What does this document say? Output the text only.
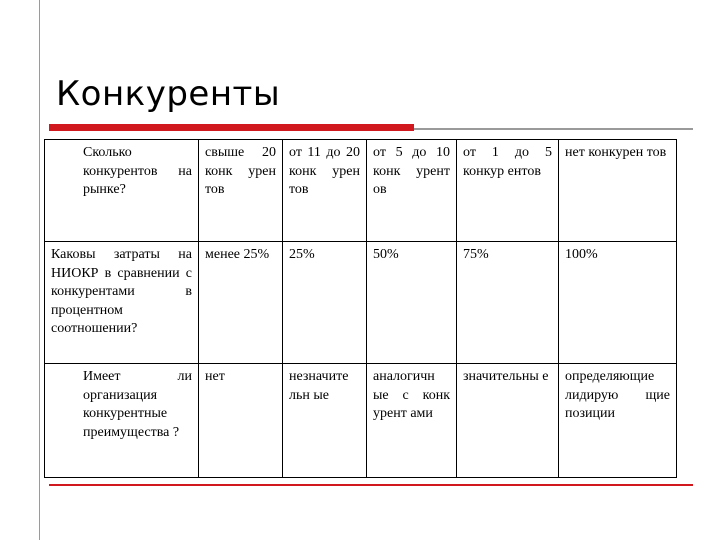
Конкуренты
Сколько конкурентов на рынке?	свыше 20 конк урен тов	от 11 до 20 конк урен тов	от 5 до 10 конк урент ов	от 1 до 5 конкур ентов	нет конкурен тов

Каковы затраты на НИОКР в сравнении с конкурентами в процентном соотношении?	менее 25%	25%	50%	75%	100%

Имеет ли организация конкурентные преимущества ?	нет	незначите льн ые	аналогичн ые с конк урент ами	значительны е	определяющие лидирую щие позиции
